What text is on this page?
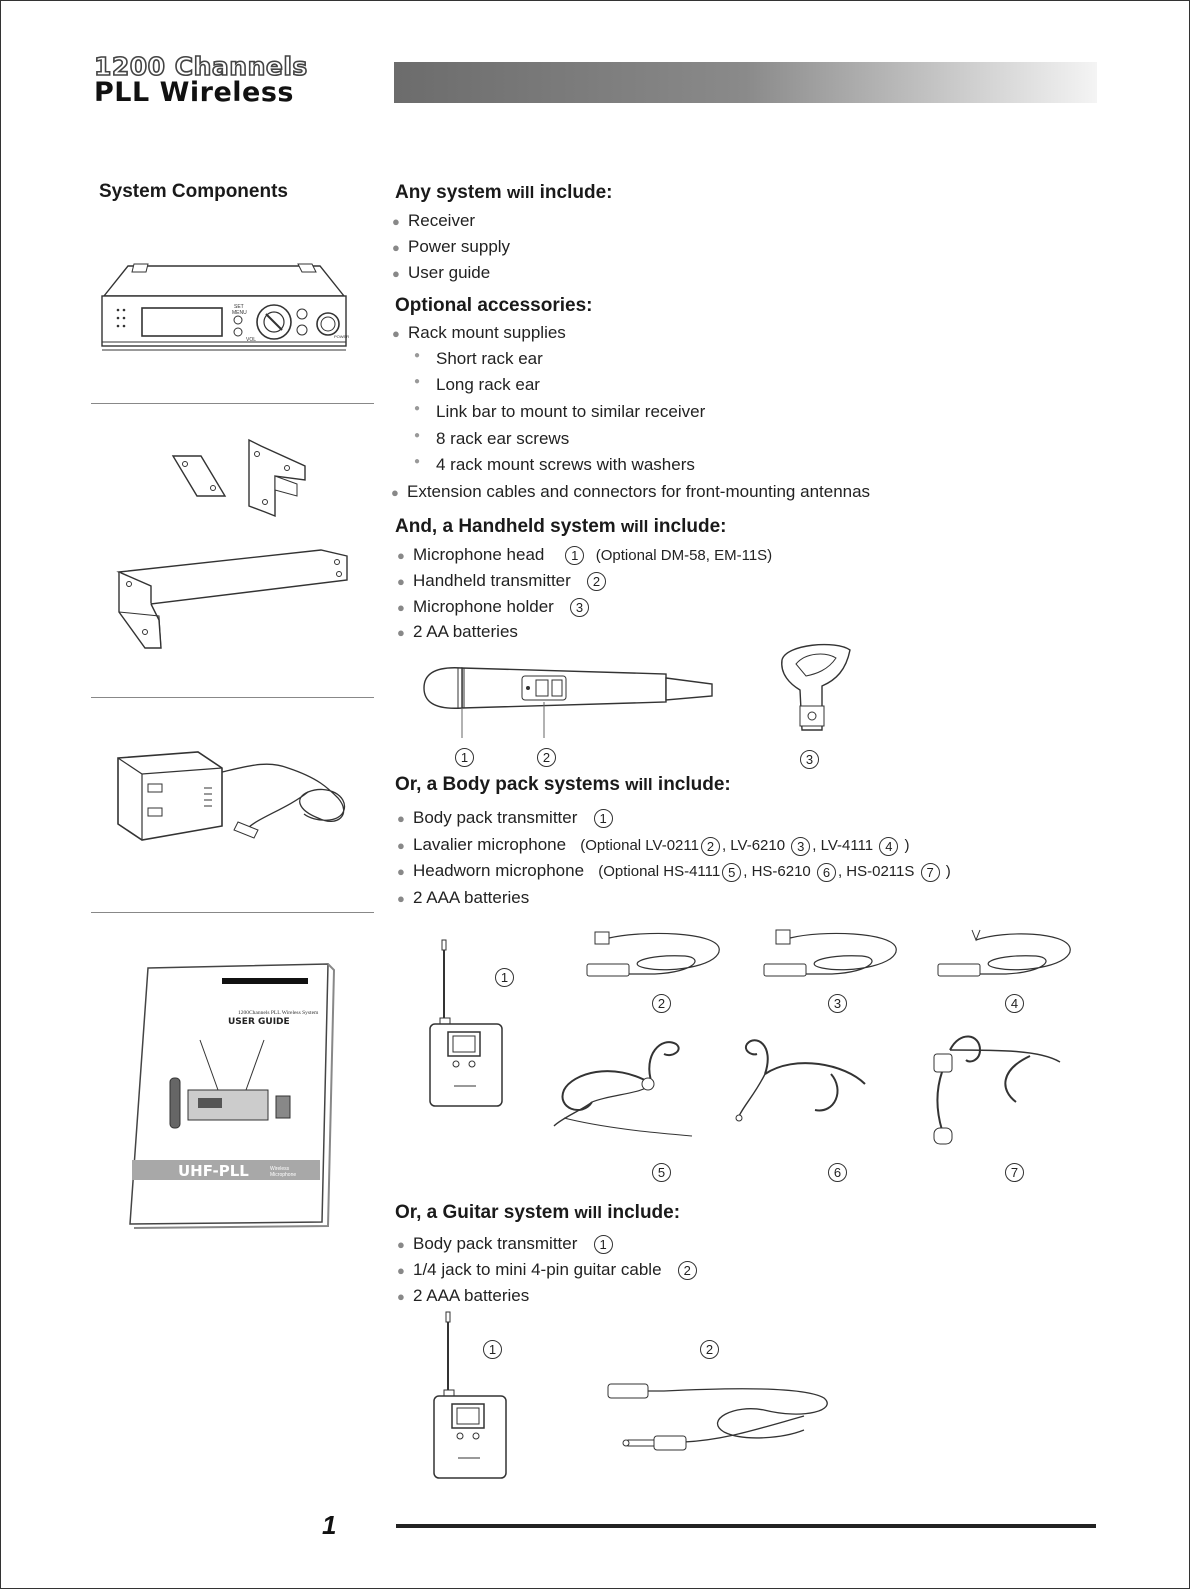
1200 Channels
PLL Wireless
System Components
SET
MENU
VOL
POWER
1200Channels PLL Wireless System
USER GUIDE
UHF-PLL	Wireless
Microphone
Any system will include:
● Receiver
● Power supply
● User guide
Optional accessories:
● Rack mount supplies
● Short rack ear
● Long rack ear
● Link bar to mount to similar receiver
● 8 rack ear screws
● 4 rack mount screws with washers
● Extension cables and connectors for front-mounting antennas
And, a Handheld system will include:
● Microphone head 1 (Optional DM-58, EM-11S)
● Handheld transmitter 2
● Microphone holder 3
● 2 AA batteries
1	2	3
Or, a Body pack systems will include:
● Body pack transmitter 1
● Lavalier microphone (Optional LV-0211 2 , LV-6210 3 , LV-4111 4 )
● Headworn microphone (Optional HS-4111 5 , HS-6210 6 , HS-0211S 7 )
● 2 AAA batteries
1
2	3	4
5	6	7
Or, a Guitar system will include:
● Body pack transmitter 1
● 1/4 jack to mini 4-pin guitar cable 2
● 2 AAA batteries
1	2
1
